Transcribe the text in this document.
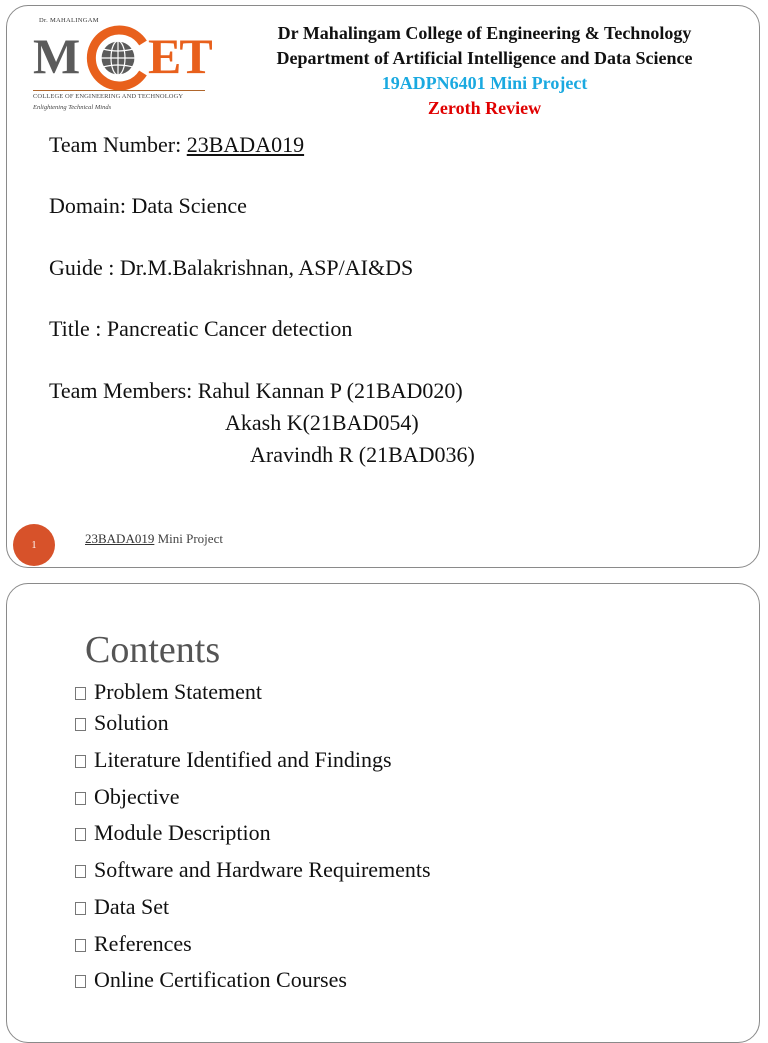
Dr. MAHALINGAM
M ET
COLLEGE OF ENGINEERING AND TECHNOLOGY
Enlightening Technical Minds
Dr Mahalingam College of Engineering & Technology
Department of Artificial Intelligence and Data Science
19ADPN6401 Mini Project
Zeroth Review
Team Number: 23BADA019
Domain: Data Science
Guide : Dr.M.Balakrishnan, ASP/AI&DS
Title : Pancreatic Cancer detection
Team Members: Rahul Kannan P (21BAD020)
Akash K(21BAD054)
Aravindh R (21BAD036)
1	23BADA019 Mini Project
Contents
Problem Statement
Solution
Literature Identified and Findings
Objective
Module Description
Software and Hardware Requirements
Data Set
References
Online Certification Courses
